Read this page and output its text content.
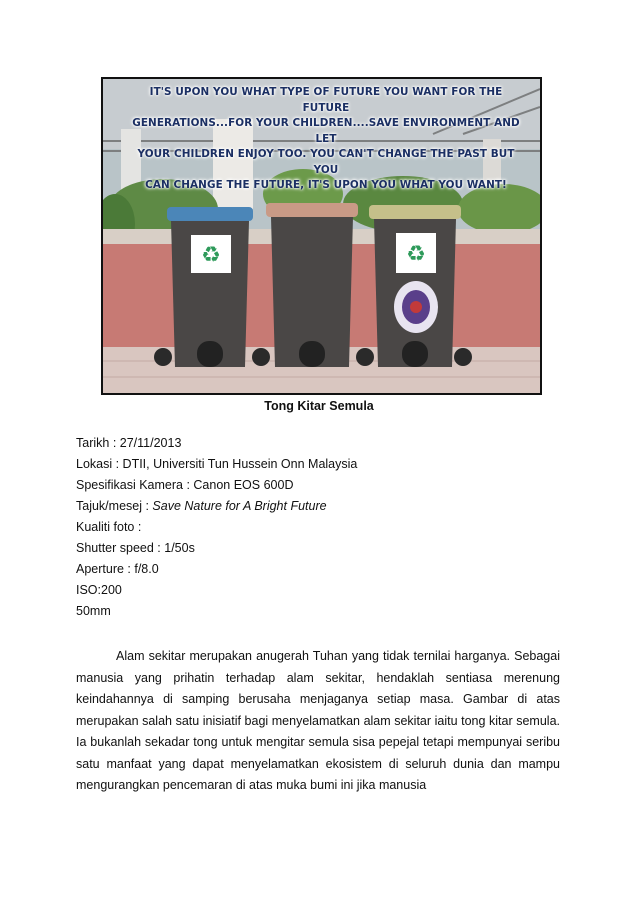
♻	♻
IT'S UPON YOU WHAT TYPE OF FUTURE YOU WANT FOR THE FUTURE
GENERATIONS...FOR YOUR CHILDREN....SAVE ENVIRONMENT AND LET
YOUR CHILDREN ENJOY TOO. YOU CAN'T CHANGE THE PAST BUT YOU
CAN CHANGE THE FUTURE, IT'S UPON YOU WHAT YOU WANT!
Tong Kitar Semula
Tarikh : 27/11/2013
Lokasi : DTII, Universiti Tun Hussein Onn Malaysia
Spesifikasi Kamera : Canon EOS 600D
Tajuk/mesej : Save Nature for A Bright Future
Kualiti foto :
Shutter speed : 1/50s
Aperture : f/8.0
ISO:200
50mm

Alam sekitar merupakan anugerah Tuhan yang tidak ternilai harganya. Sebagai manusia yang prihatin terhadap alam sekitar, hendaklah sentiasa merenung keindahannya di samping berusaha menjaganya setiap masa. Gambar di atas merupakan salah satu inisiatif bagi menyelamatkan alam sekitar iaitu tong kitar semula. Ia bukanlah sekadar tong untuk mengitar semula sisa pepejal tetapi mempunyai seribu satu manfaat yang dapat menyelamatkan ekosistem di seluruh dunia dan mampu mengurangkan pencemaran di atas muka bumi ini jika manusia
